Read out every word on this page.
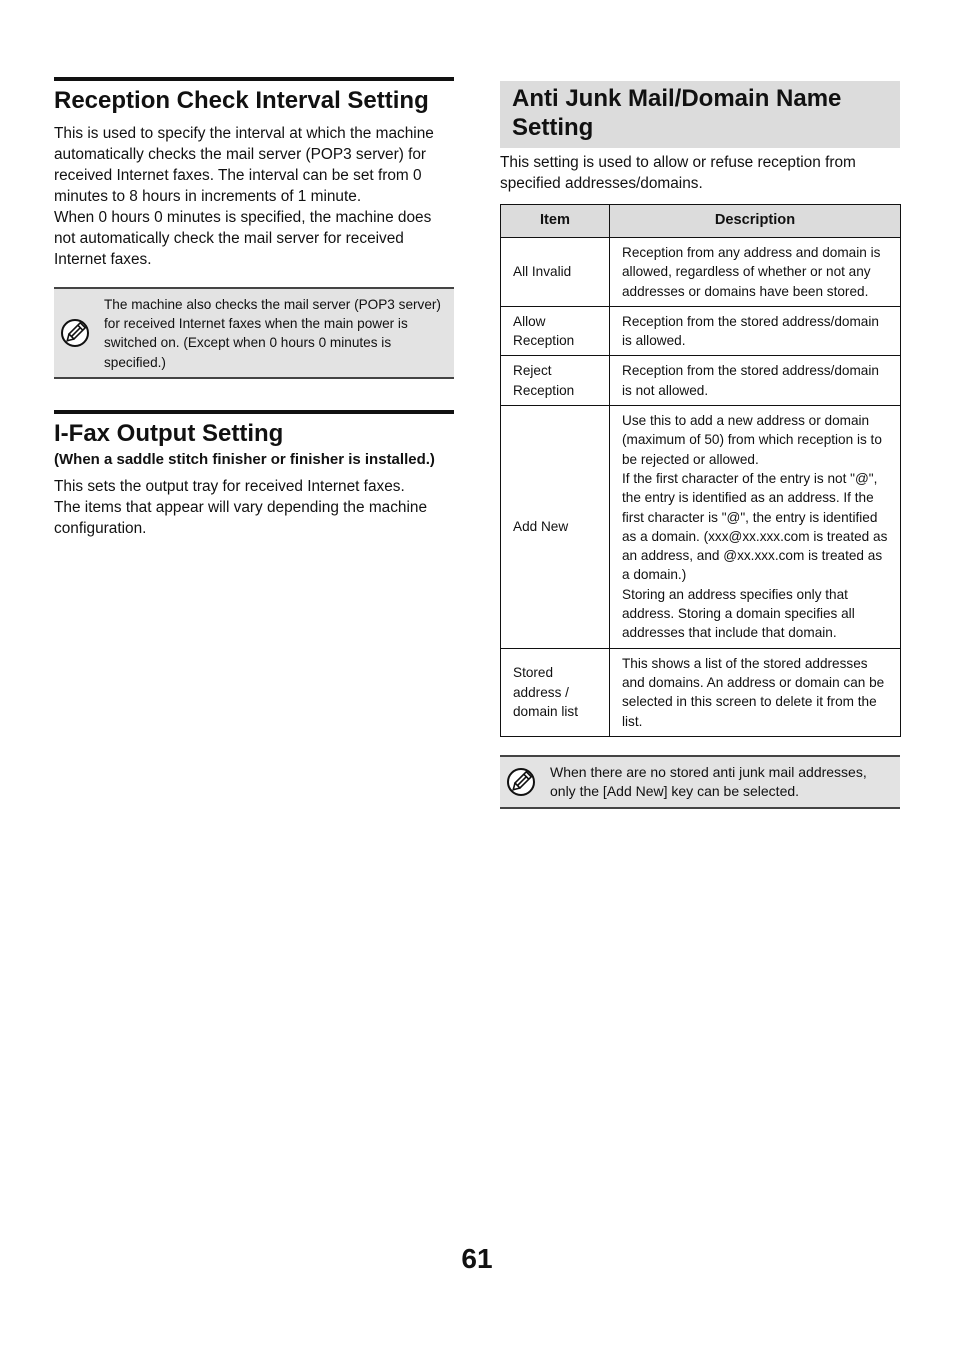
Reception Check Interval Setting

This is used to specify the interval at which the machine automatically checks the mail server (POP3 server) for received Internet faxes. The interval can be set from 0 minutes to 8 hours in increments of 1 minute.

When 0 hours 0 minutes is specified, the machine does not automatically check the mail server for received Internet faxes.

The machine also checks the mail server (POP3 server) for received Internet faxes when the main power is switched on. (Except when 0 hours 0 minutes is specified.)
I-Fax Output Setting

(When a saddle stitch finisher or finisher is installed.)

This sets the output tray for received Internet faxes.

The items that appear will vary depending the machine configuration.

Anti Junk Mail/Domain Name Setting

This setting is used to allow or refuse reception from specified addresses/domains.

Item	Description
All Invalid	Reception from any address and domain is allowed, regardless of whether or not any addresses or domains have been stored.
Allow Reception	Reception from the stored address/domain is allowed.
Reject Reception	Reception from the stored address/domain is not allowed.
Add New	Use this to add a new address or domain (maximum of 50) from which reception is to be rejected or allowed.
If the first character of the entry is not "@", the entry is identified as an address. If the first character is "@", the entry is identified as a domain. (xxx@xx.xxx.com is treated as an address, and @xx.xxx.com is treated as a domain.)
Storing an address specifies only that address. Storing a domain specifies all addresses that include that domain.
Stored address / domain list	This shows a list of the stored addresses and domains. An address or domain can be selected in this screen to delete it from the list.
When there are no stored anti junk mail addresses, only the [Add New] key can be selected.
61
